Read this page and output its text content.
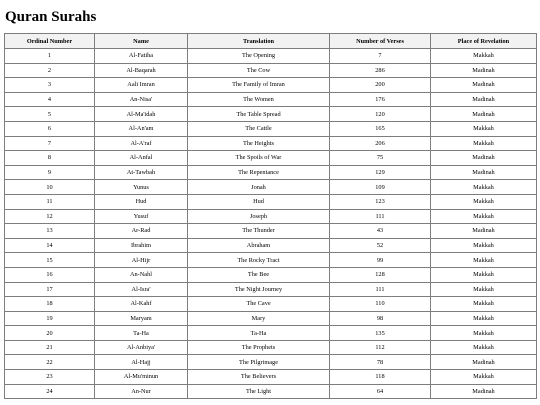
Quran Surahs
Ordinal Number	Name	Translation	Number of Verses	Place of Revelation
1	Al-Fatiha	The Opening	7	Makkah
2	Al-Baqarah	The Cow	286	Madinah
3	Aali Imran	The Family of Imran	200	Madinah
4	An-Nisa'	The Women	176	Madinah
5	Al-Ma'idah	The Table Spread	120	Madinah
6	Al-An'am	The Cattle	165	Makkah
7	Al-A'raf	The Heights	206	Makkah
8	Al-Anfal	The Spoils of War	75	Madinah
9	At-Tawbah	The Repentance	129	Madinah
10	Yunus	Jonah	109	Makkah
11	Hud	Hud	123	Makkah
12	Yusuf	Joseph	111	Makkah
13	Ar-Rad	The Thunder	43	Madinah
14	Ibrahim	Abraham	52	Makkah
15	Al-Hijr	The Rocky Tract	99	Makkah
16	An-Nahl	The Bee	128	Makkah
17	Al-Isra'	The Night Journey	111	Makkah
18	Al-Kahf	The Cave	110	Makkah
19	Maryam	Mary	98	Makkah
20	Ta-Ha	Ta-Ha	135	Makkah
21	Al-Anbiya'	The Prophets	112	Makkah
22	Al-Hajj	The Pilgrimage	78	Madinah
23	Al-Mu'minun	The Believers	118	Makkah
24	An-Nur	The Light	64	Madinah
